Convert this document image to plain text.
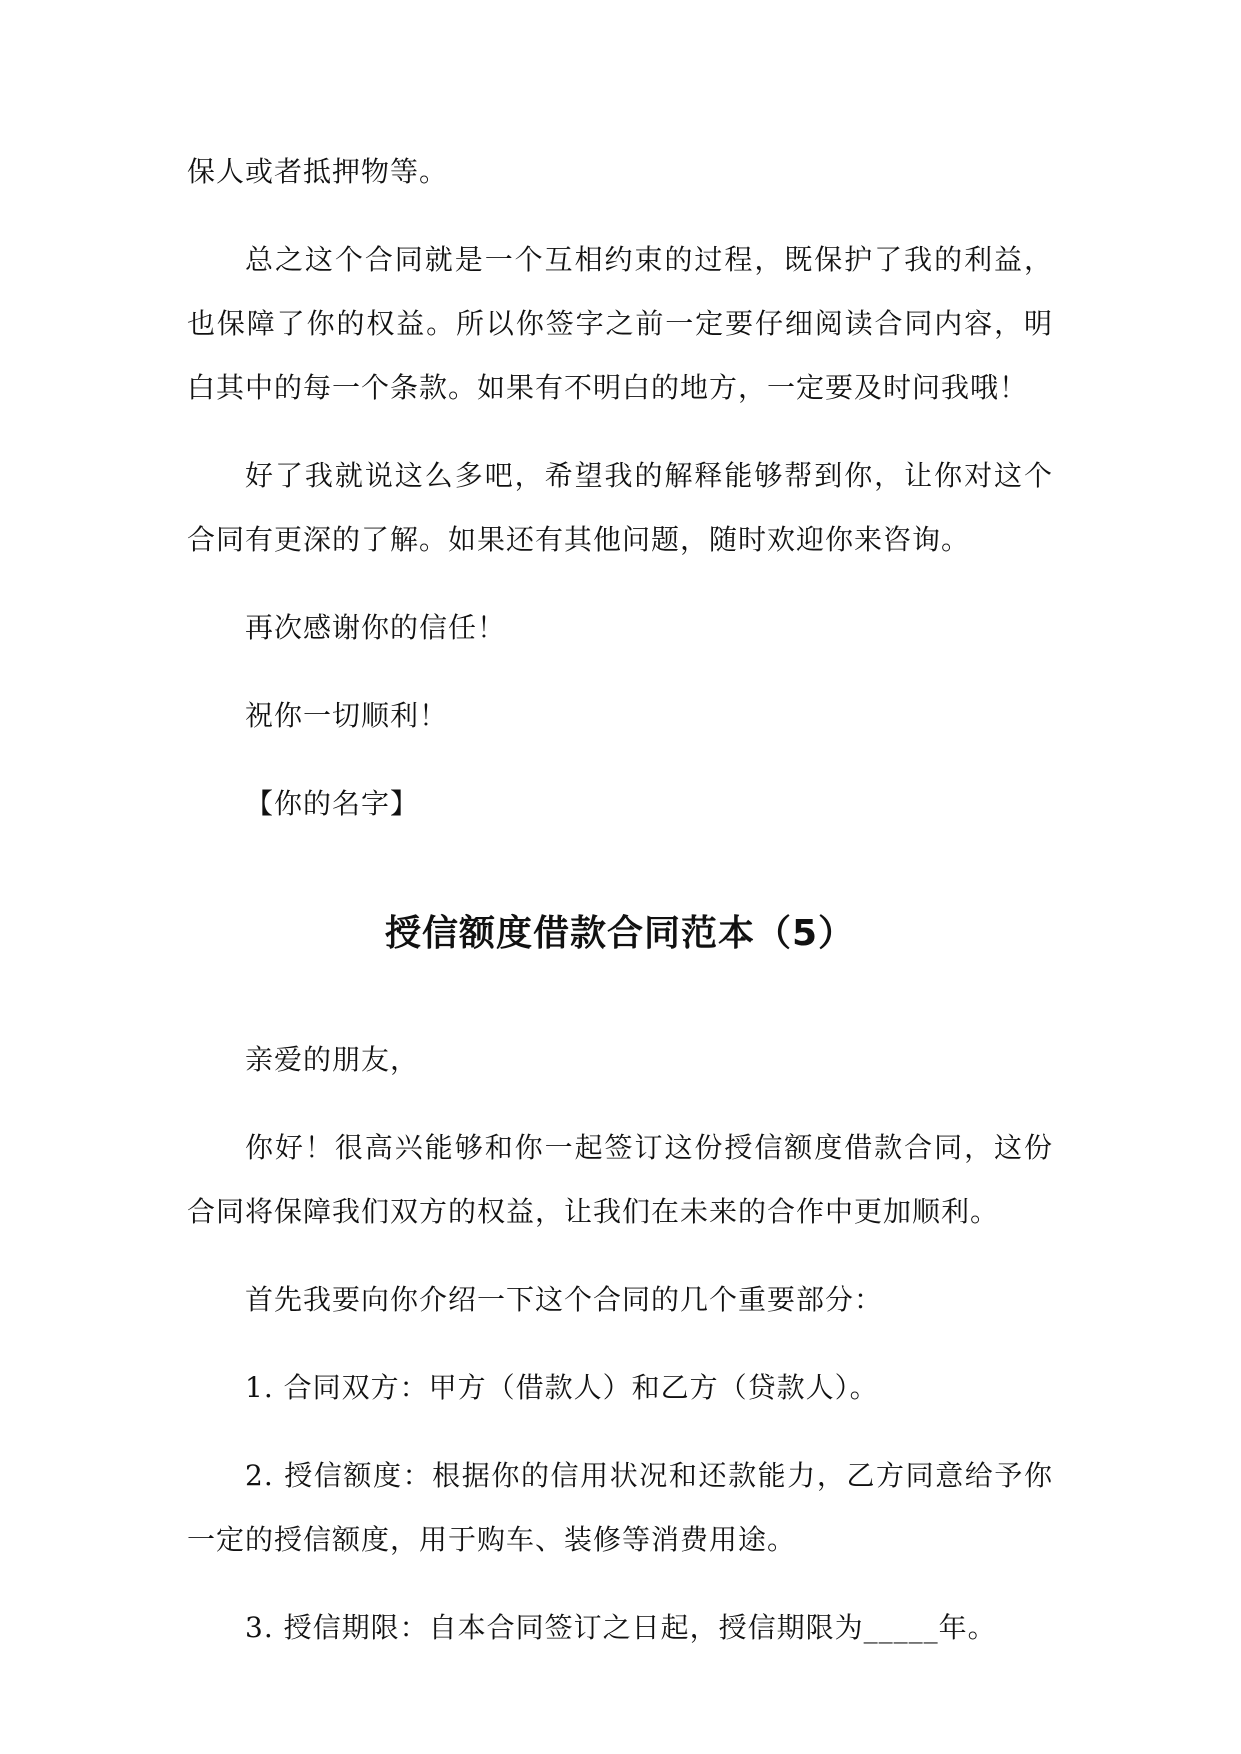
保人或者抵押物等。

总之这个合同就是一个互相约束的过程，既保护了我的利益，也保障了你的权益。所以你签字之前一定要仔细阅读合同内容，明白其中的每一个条款。如果有不明白的地方，一定要及时问我哦！

好了我就说这么多吧，希望我的解释能够帮到你，让你对这个合同有更深的了解。如果还有其他问题，随时欢迎你来咨询。

再次感谢你的信任！

祝你一切顺利！

【你的名字】

授信额度借款合同范本（5）

亲爱的朋友，

你好！很高兴能够和你一起签订这份授信额度借款合同，这份合同将保障我们双方的权益，让我们在未来的合作中更加顺利。

首先我要向你介绍一下这个合同的几个重要部分：

1. 合同双方：甲方（借款人）和乙方（贷款人）。

2. 授信额度：根据你的信用状况和还款能力，乙方同意给予你一定的授信额度，用于购车、装修等消费用途。

3. 授信期限：自本合同签订之日起，授信期限为_____年。
